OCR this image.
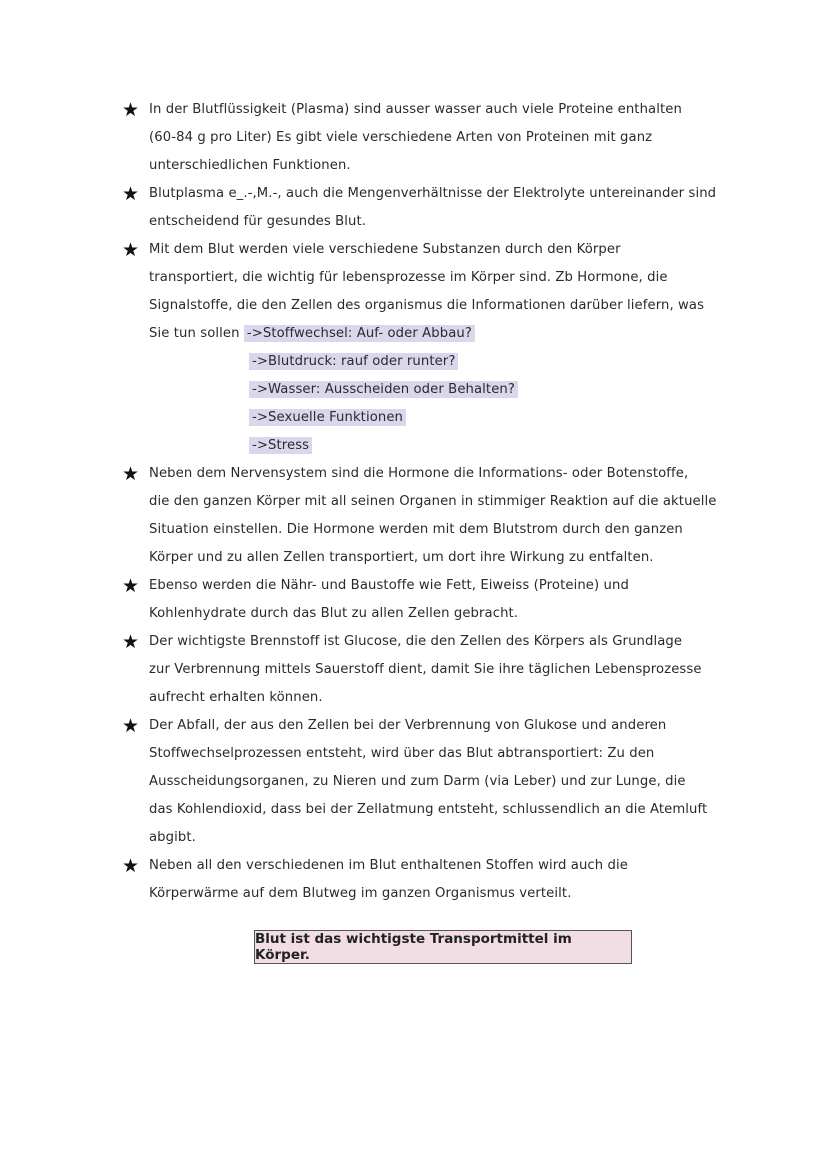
★ In der Blutflüssigkeit (Plasma) sind ausser wasser auch viele Proteine enthalten
(60-84 g pro Liter) Es gibt viele verschiedene Arten von Proteinen mit ganz
unterschiedlichen Funktionen.
★ Blutplasma e_.-,M.-, auch die Mengenverhältnisse der Elektrolyte untereinander sind
entscheidend für gesundes Blut.
★ Mit dem Blut werden viele verschiedene Substanzen durch den Körper
transportiert, die wichtig für lebensprozesse im Körper sind. Zb Hormone, die
Signalstoffe, die den Zellen des organismus die Informationen darüber liefern, was
Sie tun sollen ->Stoffwechsel: Auf- oder Abbau?
->Blutdruck: rauf oder runter?
->Wasser: Ausscheiden oder Behalten?
->Sexuelle Funktionen
->Stress
★ Neben dem Nervensystem sind die Hormone die Informations- oder Botenstoffe,
die den ganzen Körper mit all seinen Organen in stimmiger Reaktion auf die aktuelle
Situation einstellen. Die Hormone werden mit dem Blutstrom durch den ganzen
Körper und zu allen Zellen transportiert, um dort ihre Wirkung zu entfalten.
★ Ebenso werden die Nähr- und Baustoffe wie Fett, Eiweiss (Proteine) und
Kohlenhydrate durch das Blut zu allen Zellen gebracht.
★ Der wichtigste Brennstoff ist Glucose, die den Zellen des Körpers als Grundlage
zur Verbrennung mittels Sauerstoff dient, damit Sie ihre täglichen Lebensprozesse
aufrecht erhalten können.
★ Der Abfall, der aus den Zellen bei der Verbrennung von Glukose und anderen
Stoffwechselprozessen entsteht, wird über das Blut abtransportiert: Zu den
Ausscheidungsorganen, zu Nieren und zum Darm (via Leber) und zur Lunge, die
das Kohlendioxid, dass bei der Zellatmung entsteht, schlussendlich an die Atemluft
abgibt.
★ Neben all den verschiedenen im Blut enthaltenen Stoffen wird auch die
Körperwärme auf dem Blutweg im ganzen Organismus verteilt.
Blut ist das wichtigste Transportmittel im Körper.
